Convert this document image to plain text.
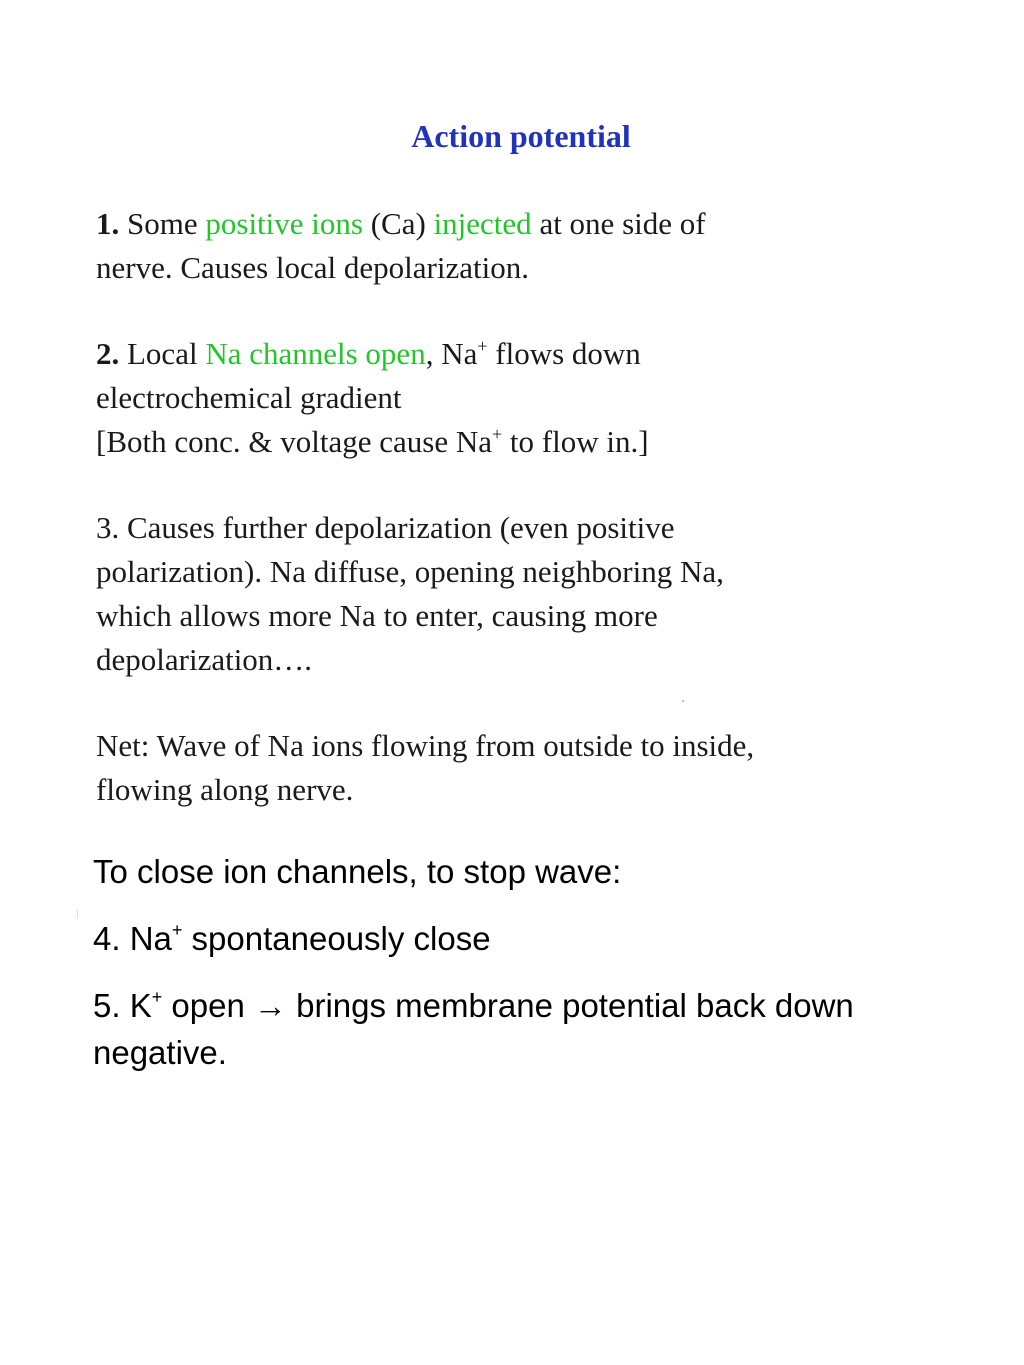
Action potential
1. Some positive ions (Ca) injected at one side of
nerve. Causes local depolarization.
2. Local Na channels open, Na+ flows down
electrochemical gradient
[Both conc. & voltage cause Na+ to flow in.]
3. Causes further depolarization (even positive
polarization). Na diffuse, opening neighboring Na,
which allows more Na to enter, causing more
depolarization….
Net: Wave of Na ions flowing from outside to inside,
flowing along nerve.

To close ion channels, to stop wave:

4. Na+ spontaneously close

5. K+ open → brings membrane potential back down negative.
